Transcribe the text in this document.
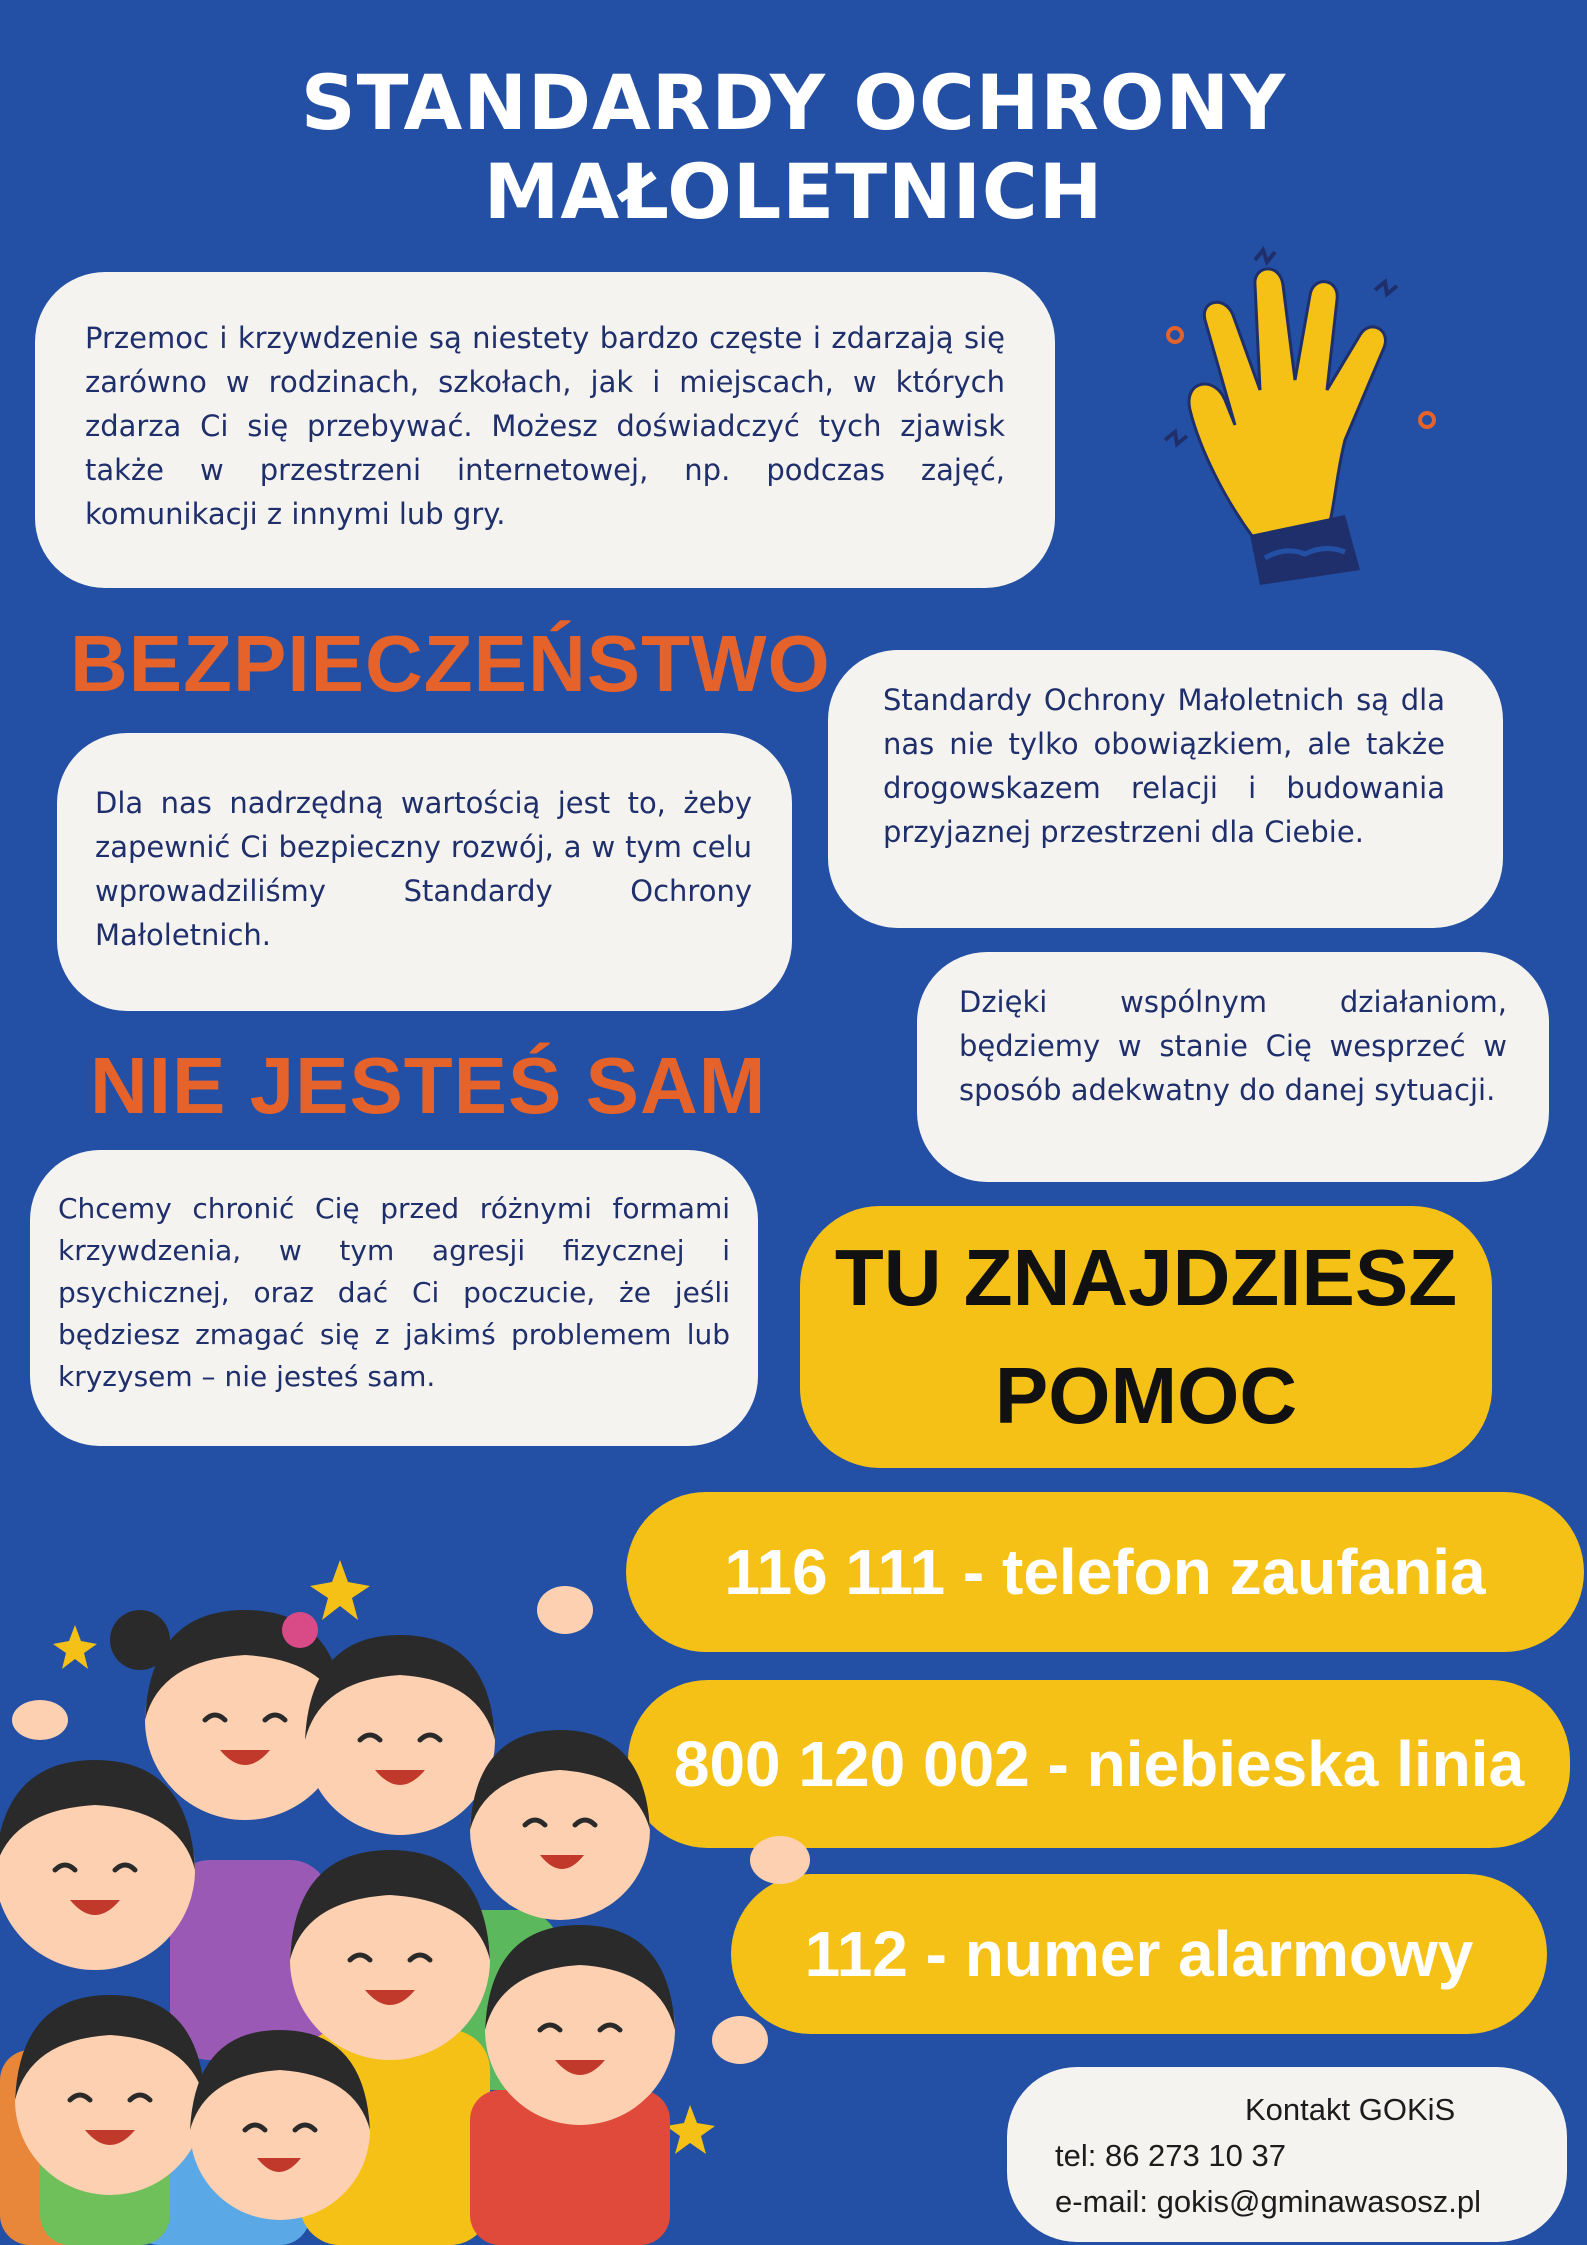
STANDARDY OCHRONY MAŁOLETNICH

Przemoc i krzywdzenie są niestety bardzo częste i zdarzają się zarówno w rodzinach, szkołach, jak i miejscach, w których zdarza Ci się przebywać. Możesz doświadczyć tych zjawisk także w przestrzeni internetowej, np. podczas zajęć, komunikacji z innymi lub gry.

BEZPIECZEŃSTWO

Dla nas nadrzędną wartością jest to, żeby zapewnić Ci bezpieczny rozwój, a w tym celu wprowadziliśmy Standardy Ochrony Małoletnich.

Standardy Ochrony Małoletnich są dla nas nie tylko obowiązkiem, ale także drogowskazem relacji i budowania przyjaznej przestrzeni dla Ciebie.

Dzięki wspólnym działaniom, będziemy w stanie Cię wesprzeć w sposób adekwatny do danej sytuacji.

NIE JESTEŚ SAM

Chcemy chronić Cię przed różnymi formami krzywdzenia, w tym agresji fizycznej i psychicznej, oraz dać Ci poczucie, że jeśli będziesz zmagać się z jakimś problemem lub kryzysem – nie jesteś sam.

TU ZNAJDZIESZ
POMOC
116 111 - telefon zaufania
800 120 002 - niebieska linia
112 - numer alarmowy
Kontakt GOKiS
tel: 86 273 10 37
e-mail: gokis@gminawasosz.pl
